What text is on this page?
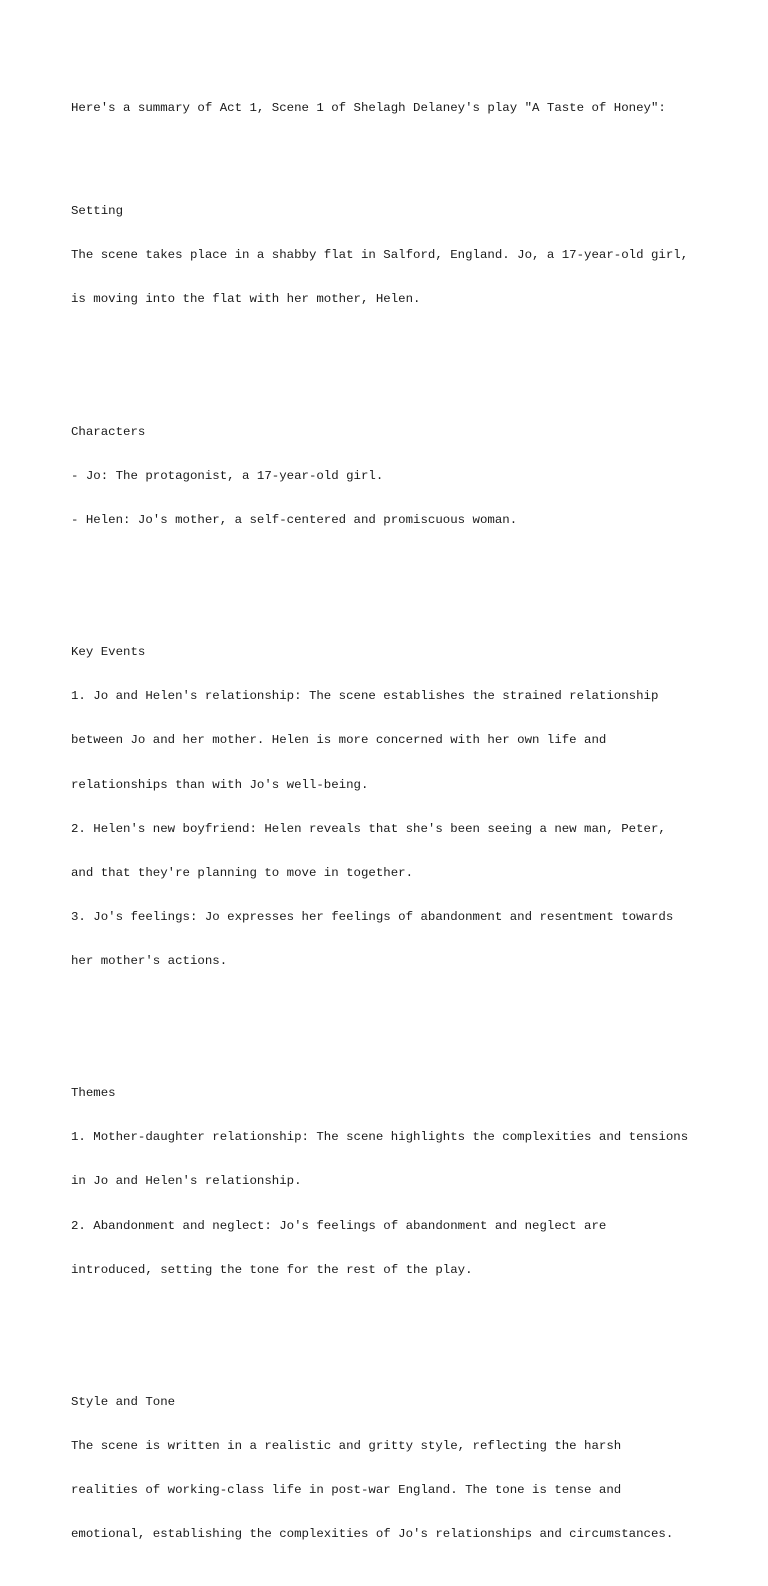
Here's a summary of Act 1, Scene 1 of Shelagh Delaney's play "A Taste of Honey":

Setting

The scene takes place in a shabby flat in Salford, England. Jo, a 17-year-old girl,

is moving into the flat with her mother, Helen.

Characters

- Jo: The protagonist, a 17-year-old girl.

- Helen: Jo's mother, a self-centered and promiscuous woman.

Key Events

1. Jo and Helen's relationship: The scene establishes the strained relationship

between Jo and her mother. Helen is more concerned with her own life and

relationships than with Jo's well-being.

2. Helen's new boyfriend: Helen reveals that she's been seeing a new man, Peter,

and that they're planning to move in together.

3. Jo's feelings: Jo expresses her feelings of abandonment and resentment towards

her mother's actions.

Themes

1. Mother-daughter relationship: The scene highlights the complexities and tensions

in Jo and Helen's relationship.

2. Abandonment and neglect: Jo's feelings of abandonment and neglect are

introduced, setting the tone for the rest of the play.

Style and Tone

The scene is written in a realistic and gritty style, reflecting the harsh

realities of working-class life in post-war England. The tone is tense and

emotional, establishing the complexities of Jo's relationships and circumstances.
